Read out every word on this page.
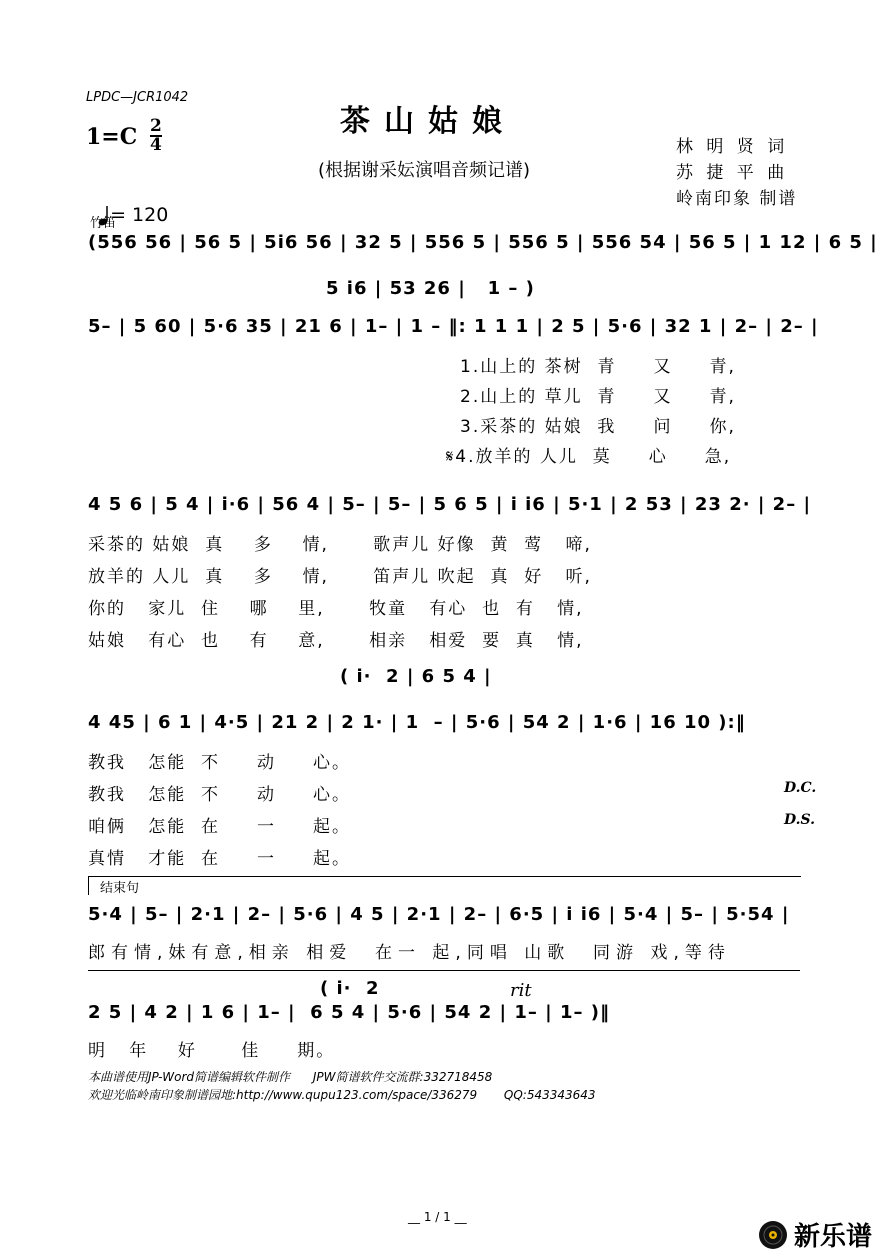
LPDC—JCR1042
茶山姑娘
$1=C \frac{2}{4}$
(根据谢采妘演唱音频记谱)
林 明 贤 词
苏 捷 平 曲
岭南印象 制谱

= 120

竹笛
(556 56 | 56 5 | 5i6 56 | 32 5 | 556 5 | 556 5 | 556 54 | 56 5 | 1 12 | 6 5 |
5 i6 | 53 26 |   1 – )
5– | 5 60 | 5·6 35 | 21 6 | 1– | 1 – ‖: 1 1 1 | 2 5 | 5·6 | 32 1 | 2– | 2– |
1.山上的 茶树  青     又     青,
2.山上的 草儿  青     又     青,
3.采茶的 姑娘  我     问     你,
𝄋4.放羊的 人儿  莫     心     急,
4 5 6 | 5 4 | i·6 | 56 4 | 5– | 5– | 5 6 5 | i i6 | 5·1 | 2 53 | 23 2· | 2– |
采茶的 姑娘  真    多    情,      歌声儿 好像  黄  莺   啼,
放羊的 人儿  真    多    情,      笛声儿 吹起  真  好   听,
你的   家儿  住    哪    里,      牧童   有心  也  有   情,
姑娘   有心  也    有    意,      相亲   相爱  要  真   情,
( i·  2 | 6 5 4 |
4 45 | 6 1 | 4·5 | 21 2 | 2 1· | 1  – | 5·6 | 54 2 | 1·6 | 16 10 ):‖
教我   怎能  不     动     心。
教我   怎能  不     动     心。
咱俩   怎能  在     一     起。
真情   才能  在     一     起。
D.C.
D.S.
结束句
5·4 | 5– | 2·1 | 2– | 5·6 | 4 5 | 2·1 | 2– | 6·5 | i i6 | 5·4 | 5– | 5·54 |
郎有情,妹有意,相亲 相爱  在一 起,同唱 山歌  同游 戏,等待
( i·  2	rit
2 5 | 4 2 | 1 6 | 1– |  6 5 4 | 5·6 | 54 2 | 1– | 1– )‖
明   年    好      佳     期。
本曲谱使用JP-Word简谱编辑软件制作      JPW简谱软件交流群:332718458
欢迎光临岭南印象制谱园地:http://www.qupu123.com/space/336279       QQ:543343643
__ 1 / 1 __
新乐谱
